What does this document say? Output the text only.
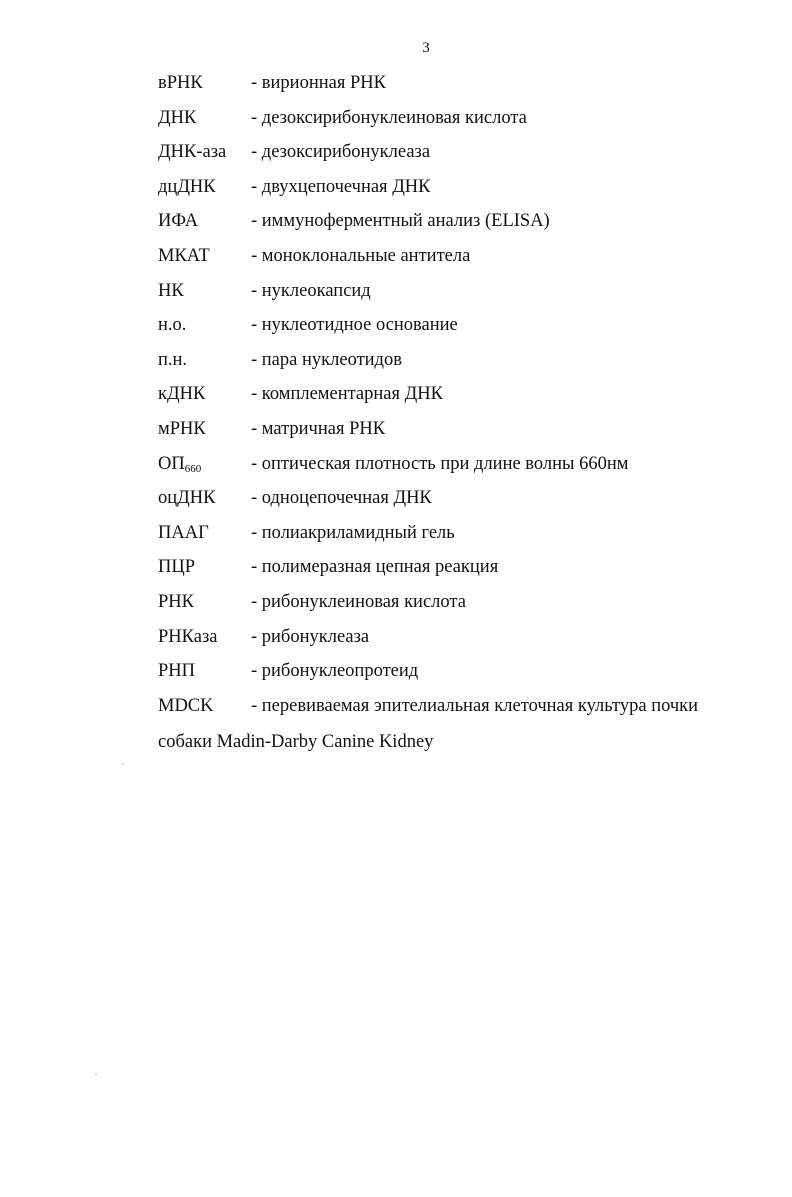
3
вРНК	- вирионная РНК
ДНК	- дезоксирибонуклеиновая кислота
ДНК-аза - дезоксирибонуклеаза
дцДНК - двухцепочечная ДНК
ИФА	- иммуноферментный анализ (ELISA)
МКАТ - моноклональные антитела
НК	- нуклеокапсид
н.о.	- нуклеотидное основание
п.н.	- пара нуклеотидов
кДНК - комплементарная ДНК
мРНК - матричная РНК
$ОП_{660}$	- оптическая плотность при длине волны 660нм
оцДНК - одноцепочечная ДНК
ПААГ - полиакриламидный гель
ПЦР	- полимеразная цепная реакция
РНК	- рибонуклеиновая кислота
РНКаза - рибонуклеаза
РНП	- рибонуклеопротеид
MDCK - перевиваемая эпителиальная клеточная культура почки
собаки Madin-Darby Canine Kidney
